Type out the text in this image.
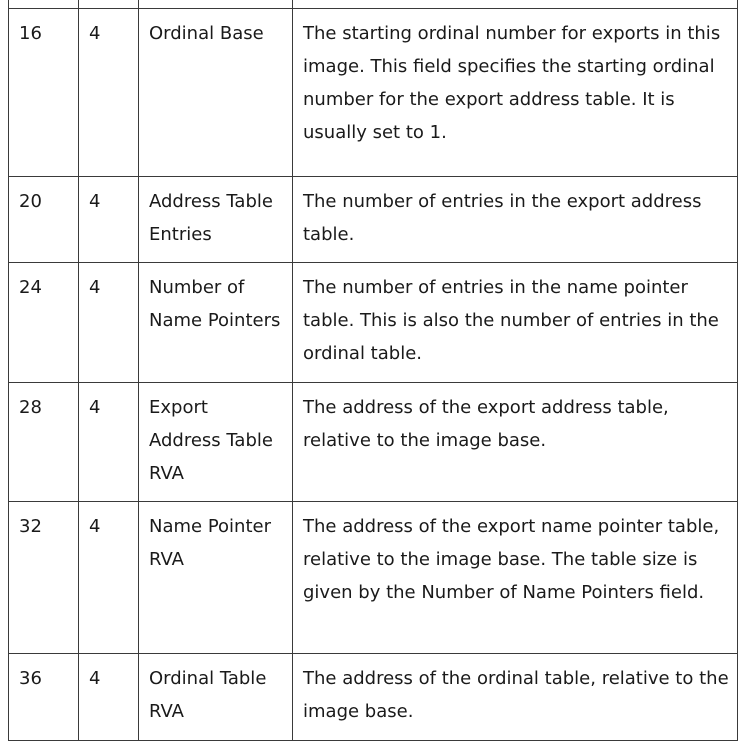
16	4	Ordinal Base	The starting ordinal number for exports in this image. This field specifies the starting ordinal number for the export address table. It is usually set to 1.
20	4	Address Table Entries	The number of entries in the export address table.
24	4	Number of Name Pointers	The number of entries in the name pointer table. This is also the number of entries in the ordinal table.
28	4	Export Address Table RVA	The address of the export address table, relative to the image base.
32	4	Name Pointer RVA	The address of the export name pointer table, relative to the image base. The table size is given by the Number of Name Pointers field.
36	4	Ordinal Table RVA	The address of the ordinal table, relative to the image base.
